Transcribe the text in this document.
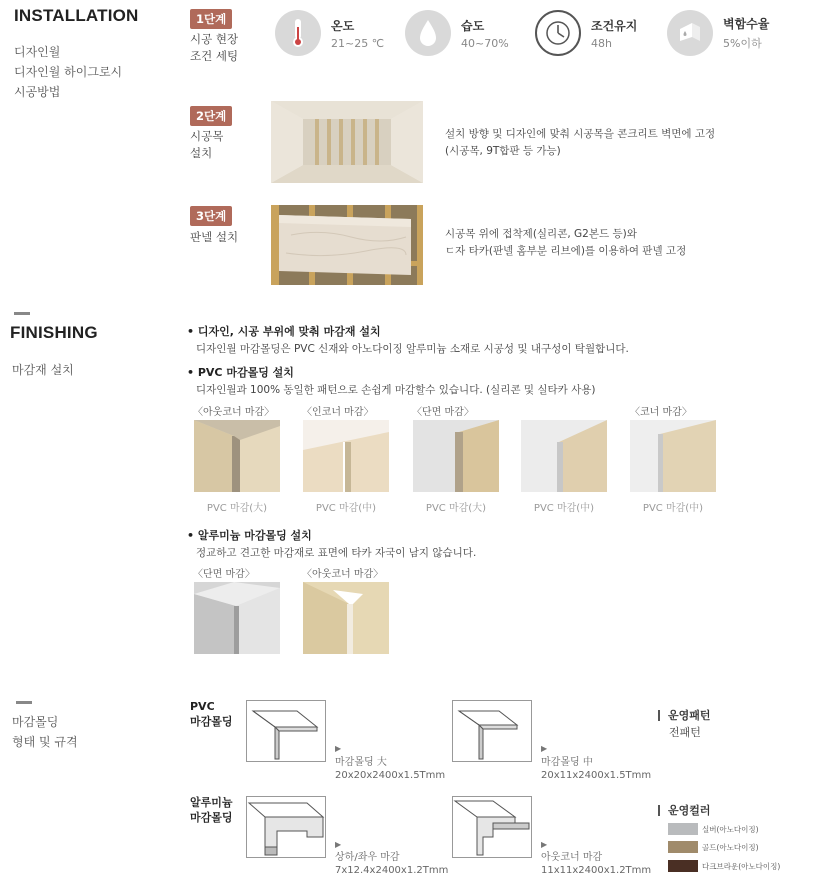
INSTALLATION
디자인월
디자인월 하이그로시
시공방법
1단계
시공 현장
조건 세팅
온도
21~25 ℃
습도
40~70%
조건유지
48h
벽함수율
5%이하
2단계
시공목
설치
설치 방향 및 디자인에 맞춰 시공목을 콘크리트 벽면에 고정
(시공목, 9T합판 등 가능)
3단계
판넬 설치	시공목 위에 접착제(실리콘, G2본드 등)와
ㄷ자 타카(판넬 홈부분 리브에)를 이용하여 판넬 고정
FINISHING
마감재 설치
• 디자인, 시공 부위에 맞춰 마감재 설치
디자인월 마감몰딩은 PVC 신재와 아노다이징 알루미늄 소재로 시공성 및 내구성이 탁월합니다.
• PVC 마감몰딩 설치
디자인월과 100% 동일한 패턴으로 손쉽게 마감할수 있습니다. (실리콘 및 실타카 사용)
〈아웃코너 마감〉	〈인코너 마감〉	〈단면 마감〉	〈코너 마감〉
PVC 마감(大)	PVC 마감(中)	PVC 마감(大)	PVC 마감(中)	PVC 마감(中)
• 알루미늄 마감몰딩 설치
정교하고 견고한 마감재로 표면에 타카 자국이 남지 않습니다.
〈단면 마감〉	〈아웃코너 마감〉
마감몰딩
형태 및 규격
PVC
마감몰딩
알루미늄
마감몰딩
▶
마감몰딩 大
20x20x2400x1.5Tmm
▶
마감몰딩 中
20x11x2400x1.5Tmm
▶
상하/좌우 마감
7x12.4x2400x1.2Tmm
▶
아웃코너 마감
11x11x2400x1.2Tmm
운영패턴
전패턴
운영컬러
실버(아노다이징)
골드(아노다이징)
다크브라운(아노다이징)
